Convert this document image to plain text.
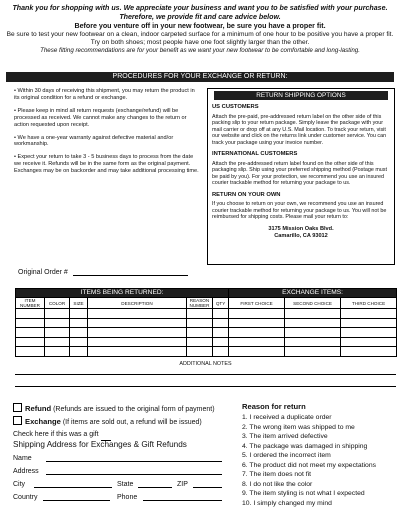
Thank you for shopping with us. We appreciate your business and want you to be satisfied with your purchase. Therefore, we provide fit and care advice below.
Before you venture off in your new footwear, be sure you have a proper fit.
Be sure to test your new footwear on a clean, indoor carpeted surface for a minimum of one hour to be positive you have a proper fit. Try on both shoes; most people have one foot slightly larger than the other.
These fitting recommendations are for your benefit as we want your new footwear to be comfortable and long-lasting.
PROCEDURES FOR YOUR EXCHANGE OR RETURN:

• Within 30 days of receiving this shipment, you may return the product in its original condition for a refund or exchange.

• Please keep in mind all return requests (exchange/refund) will be processed as received. We cannot make any changes to the return or action requested upon receipt.

• We have a one-year warranty against defective material and/or workmanship.

• Expect your return to take 3 - 5 business days to process from the date we receive it. Refunds will be in the same form as the original payment. Exchanges may be on backorder and may take additional processing time.

RETURN SHIPPING OPTIONS
US CUSTOMERS

Attach the pre-paid, pre-addressed return label on the other side of this packing slip to your return package. Simply leave the package with your mail carrier or drop off at any U.S. Mail location. To track your return, visit our website and click on the returns link under customer service. You can track your package using your invoice number.

INTERNATIONAL CUSTOMERS

Attach the pre-addressed return label found on the other side of this packaging slip. Ship using your preferred shipping method (Postage must be paid by you). For your protection, we recommend you use an insured courier trackable method for returning your package to us.

RETURN ON YOUR OWN

If you choose to return on your own, we recommend you use an insured courier trackable method for returning your package to us. You will not be reimbursed for shipping costs. Please mail your return to:

3175 Mission Oaks Blvd.
Camarillo, CA 93012
Original Order #
ITEMS BEING RETURNED:						EXCHANGE ITEMS:		
ITEM NUMBER	COLOR	SIZE	DESCRIPTION	REASON NUMBER	QTY	FIRST CHOICE	SECOND CHOICE	THIRD CHOICE

ADDITIONAL NOTES
Refund (Refunds are issued to the original form of payment)
Exchange (If items are sold out, a refund will be issued)
Check here if this was a gift
Shipping Address for Exchanges & Gift Refunds
Name
Address
City	State	ZIP
Country	Phone
Reason for return
1. I received a duplicate order
2. The wrong item was shipped to me
3. The item arrived defective
4. The package was damaged in shipping
5. I ordered the incorrect item
6. The product did not meet my expectations
7. The item does not fit
8. I do not like the color
9. The item styling is not what I expected
10. I simply changed my mind
